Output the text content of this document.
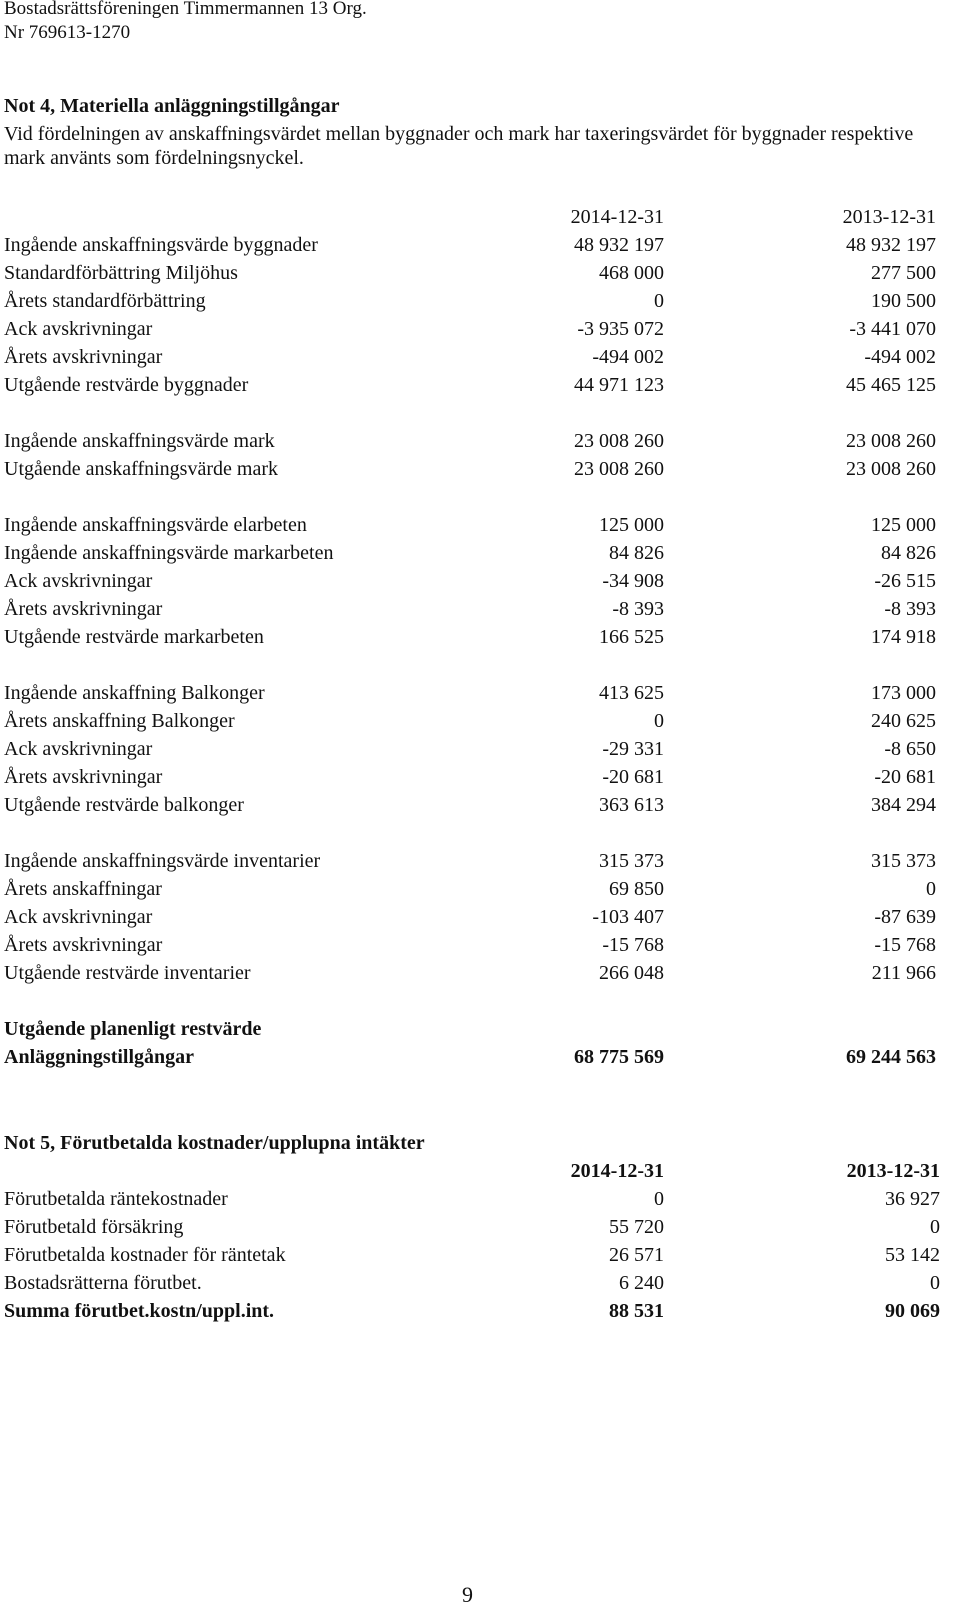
Bostadsrättsföreningen Timmermannen 13 Org.
Nr 769613-1270
Not 4, Materiella anläggningstillgångar
Vid fördelningen av anskaffningsvärdet mellan byggnader och mark har taxeringsvärdet för byggnader respektive mark använts som fördelningsnyckel.
2014-12-31	2013-12-31
Ingående anskaffningsvärde byggnader	48 932 197	48 932 197
Standardförbättring Miljöhus	468 000	277 500
Årets standardförbättring	0	190 500
Ack avskrivningar	-3 935 072	-3 441 070
Årets avskrivningar	-494 002	-494 002
Utgående restvärde byggnader	44 971 123	45 465 125
Ingående anskaffningsvärde mark	23 008 260	23 008 260
Utgående anskaffningsvärde mark	23 008 260	23 008 260
Ingående anskaffningsvärde elarbeten	125 000	125 000
Ingående anskaffningsvärde markarbeten	84 826	84 826
Ack avskrivningar	-34 908	-26 515
Årets avskrivningar	-8 393	-8 393
Utgående restvärde markarbeten	166 525	174 918
Ingående anskaffning Balkonger	413 625	173 000
Årets anskaffning Balkonger	0	240 625
Ack avskrivningar	-29 331	-8 650
Årets avskrivningar	-20 681	-20 681
Utgående restvärde balkonger	363 613	384 294
Ingående anskaffningsvärde inventarier	315 373	315 373
Årets anskaffningar	69 850	0
Ack avskrivningar	-103 407	-87 639
Årets avskrivningar	-15 768	-15 768
Utgående restvärde inventarier	266 048	211 966
Utgående planenligt restvärde
Anläggningstillgångar	68 775 569	69 244 563
Not 5, Förutbetalda kostnader/upplupna intäkter
2014-12-31	2013-12-31
Förutbetalda räntekostnader	0	36 927
Förutbetald försäkring	55 720	0
Förutbetalda kostnader för räntetak	26 571	53 142
Bostadsrätterna förutbet.	6 240	0
Summa förutbet.kostn/uppl.int.	88 531	90 069
9
